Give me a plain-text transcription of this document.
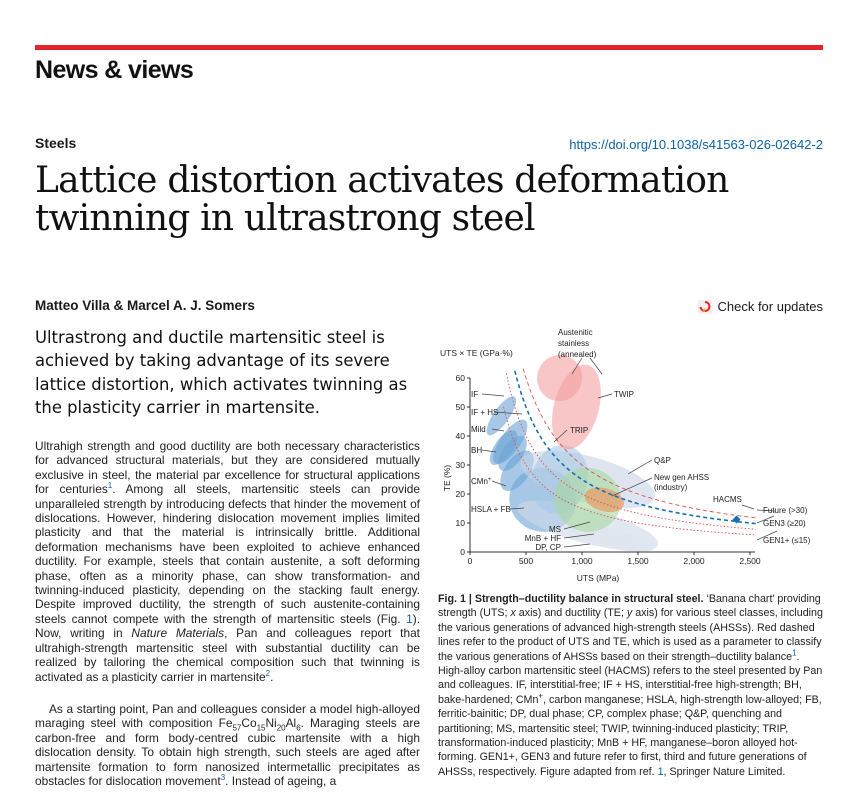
News & views
Steels	https://doi.org/10.1038/s41563-026-02642-2
Lattice distortion activates deformation twinning in ultrastrong steel
Matteo Villa & Marcel A. J. Somers	Check for updates
Ultrastrong and ductile martensitic steel is achieved by taking advantage of its severe lattice distortion, which activates twinning as the plasticity carrier in martensite.
Ultrahigh strength and good ductility are both necessary characteristics for advanced structural materials, but they are considered mutually exclusive in steel, the material par excellence for structural applications for centuries$^1$. Among all steels, martensitic steels can provide unparalleled strength by introducing defects that hinder the movement of dislocations. However, hindering dislocation movement implies limited plasticity and that the material is intrinsically brittle. Additional deformation mechanisms have been exploited to achieve enhanced ductility. For example, steels that contain austenite, a soft deforming phase, often as a minority phase, can show transformation- and twinning-induced plasticity, depending on the stacking fault energy. Despite improved ductility, the strength of such austenite-containing steels cannot compete with the strength of martensitic steels (Fig. 1). Now, writing in Nature Materials, Pan and colleagues report that ultrahigh-strength martensitic steel with substantial ductility can be realized by tailoring the chemical composition such that twinning is activated as a plasticity carrier in martensite$^2$.
As a starting point, Pan and colleagues consider a model high-alloyed maraging steel with composition $Fe_{57}Co_{15}Ni_{20}Al_6$. Maraging steels are carbon-free and form body-centred cubic martensite with a high dislocation density. To obtain high strength, such steels are aged after martensite formation to form nanosized intermetallic precipitates as obstacles for dislocation movement$^3$. Instead of ageing, a
0	500	1,000	1,500	2,000	2,500
0
10
20
30
40
50
60
UTS × TE (GPa·%)
TE (%)
UTS (MPa)
IF
IF + HS
Mild
BH
CMn+
HSLA + FB
MS
MnB + HF
DP, CP
TRIP
Q&P
New gen AHSS
(industry)
TWIP
Austenitic
stainless
(annealed)
HACMS
Future (>30)
GEN3 (≥20)
GEN1+ (≤15)
Fig. 1 | Strength–ductility balance in structural steel. ‘Banana chart’ providing strength (UTS; x axis) and ductility (TE; y axis) for various steel classes, including the various generations of advanced high-strength steels (AHSSs). Red dashed lines refer to the product of UTS and TE, which is used as a parameter to classify the various generations of AHSSs based on their strength–ductility balance$^1$. High-alloy carbon martensitic steel (HACMS) refers to the steel presented by Pan and colleagues. IF, interstitial-free; IF + HS, interstitial-free high-strength; BH, bake-hardened; CMn+, carbon manganese; HSLA, high-strength low-alloyed; FB, ferritic-bainitic; DP, dual phase; CP, complex phase; Q&P, quenching and partitioning; MS, martensitic steel; TWIP, twinning-induced plasticity; TRIP, transformation-induced plasticity; MnB + HF, manganese–boron alloyed hot-forming. GEN1+, GEN3 and future refer to first, third and future generations of AHSSs, respectively. Figure adapted from ref. 1, Springer Nature Limited.
